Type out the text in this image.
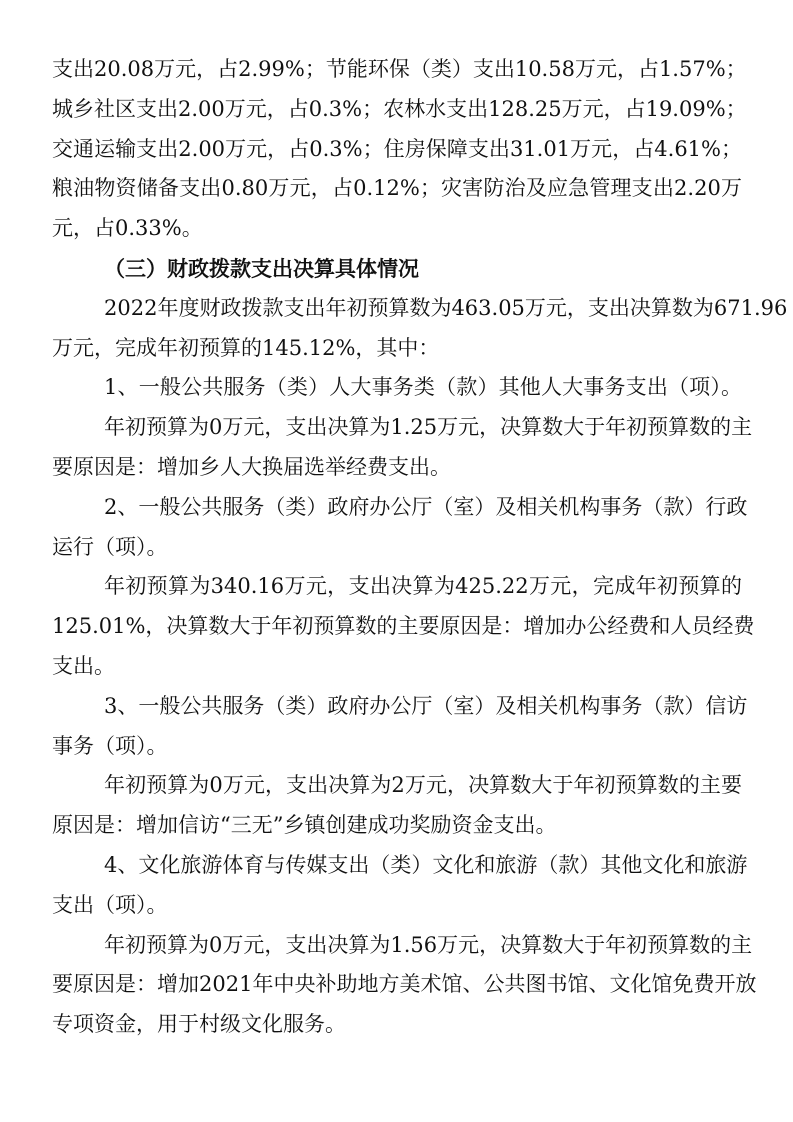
支出20.08万元，占2.99%；节能环保（类）支出10.58万元，占1.57%；
城乡社区支出2.00万元，占0.3%；农林水支出128.25万元，占19.09%；
交通运输支出2.00万元，占0.3%；住房保障支出31.01万元，占4.61%；
粮油物资储备支出0.80万元，占0.12%；灾害防治及应急管理支出2.20万
元，占0.33%。
（三）财政拨款支出决算具体情况
2022年度财政拨款支出年初预算数为463.05万元，支出决算数为671.96
万元，完成年初预算的145.12%，其中：
1、一般公共服务（类）人大事务类（款）其他人大事务支出（项）。
年初预算为0万元，支出决算为1.25万元，决算数大于年初预算数的主
要原因是：增加乡人大换届选举经费支出。
2、一般公共服务（类）政府办公厅（室）及相关机构事务（款）行政
运行（项）。
年初预算为340.16万元，支出决算为425.22万元，完成年初预算的
125.01%，决算数大于年初预算数的主要原因是：增加办公经费和人员经费
支出。
3、一般公共服务（类）政府办公厅（室）及相关机构事务（款）信访
事务（项）。
年初预算为0万元，支出决算为2万元，决算数大于年初预算数的主要
原因是：增加信访“三无”乡镇创建成功奖励资金支出。
4、文化旅游体育与传媒支出（类）文化和旅游（款）其他文化和旅游
支出（项）。
年初预算为0万元，支出决算为1.56万元，决算数大于年初预算数的主
要原因是：增加2021年中央补助地方美术馆、公共图书馆、文化馆免费开放
专项资金，用于村级文化服务。
